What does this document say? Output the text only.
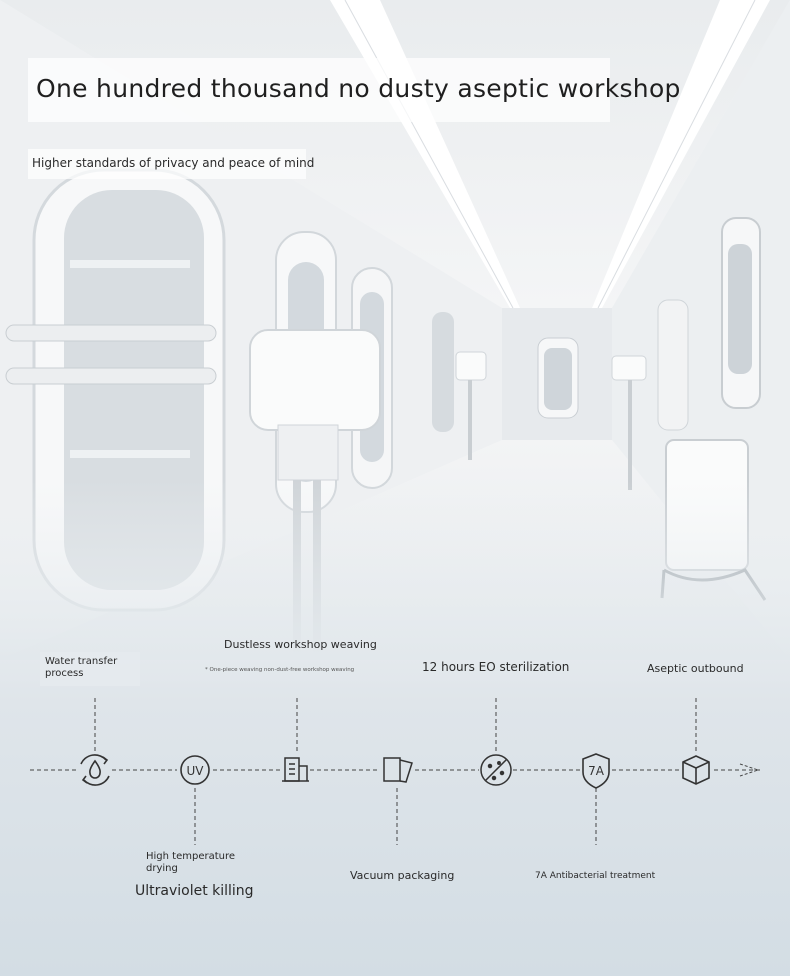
One hundred thousand no dusty aseptic workshop

Higher standards of privacy and peace of mind

Water transfer
process

Dustless workshop weaving

* One-piece weaving non-dust-free workshop weaving	12 hours EO sterilization	Aseptic outbound

High temperature
drying

Ultraviolet killing

Vacuum packaging	7A Antibacterial treatment

UV	7A
